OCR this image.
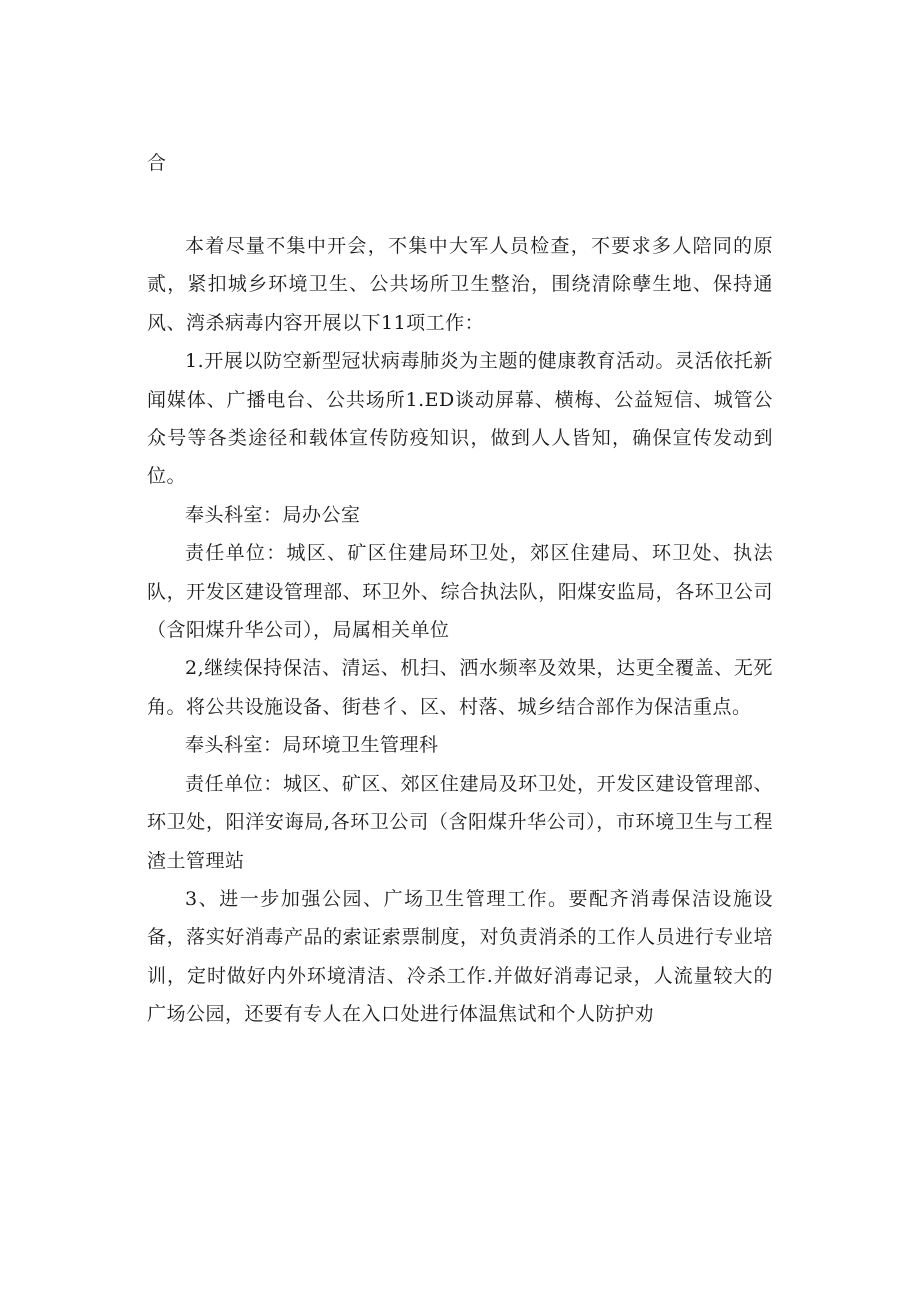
合

本着尽量不集中开会，不集中大军人员检查，不要求多人陪同的原贰，紧扣城乡环境卫生、公共场所卫生整治，围绕清除孽生地、保持通风、湾杀病毒内容开展以下11项工作：

1.开展以防空新型冠状病毒肺炎为主题的健康教育活动。灵活依托新闻媒体、广播电台、公共场所1.ED谈动屏幕、横梅、公益短信、城管公众号等各类途径和载体宣传防疫知识，做到人人皆知，确保宣传发动到位。

奉头科室：局办公室

责任单位：城区、矿区住建局环卫处，郊区住建局、环卫处、执法队，开发区建设管理部、环卫外、综合执法队，阳煤安监局，各环卫公司（含阳煤升华公司），局属相关单位

2,继续保持保洁、清运、机扫、洒水频率及效果，达更全覆盖、无死角。将公共设施设备、街巷彳、区、村落、城乡结合部作为保洁重点。

奉头科室：局环境卫生管理科

责任单位：城区、矿区、郊区住建局及环卫处，开发区建设管理部、环卫处，阳洋安诲局,各环卫公司（含阳煤升华公司），市环境卫生与工程渣土管理站

3、进一步加强公园、广场卫生管理工作。要配齐消毒保洁设施设备，落实好消毒产品的索证索票制度，对负责消杀的工作人员进行专业培训，定时做好内外环境清洁、冷杀工作.并做好消毒记录，人流量较大的广场公园，还要有专人在入口处进行体温焦试和个人防护劝
